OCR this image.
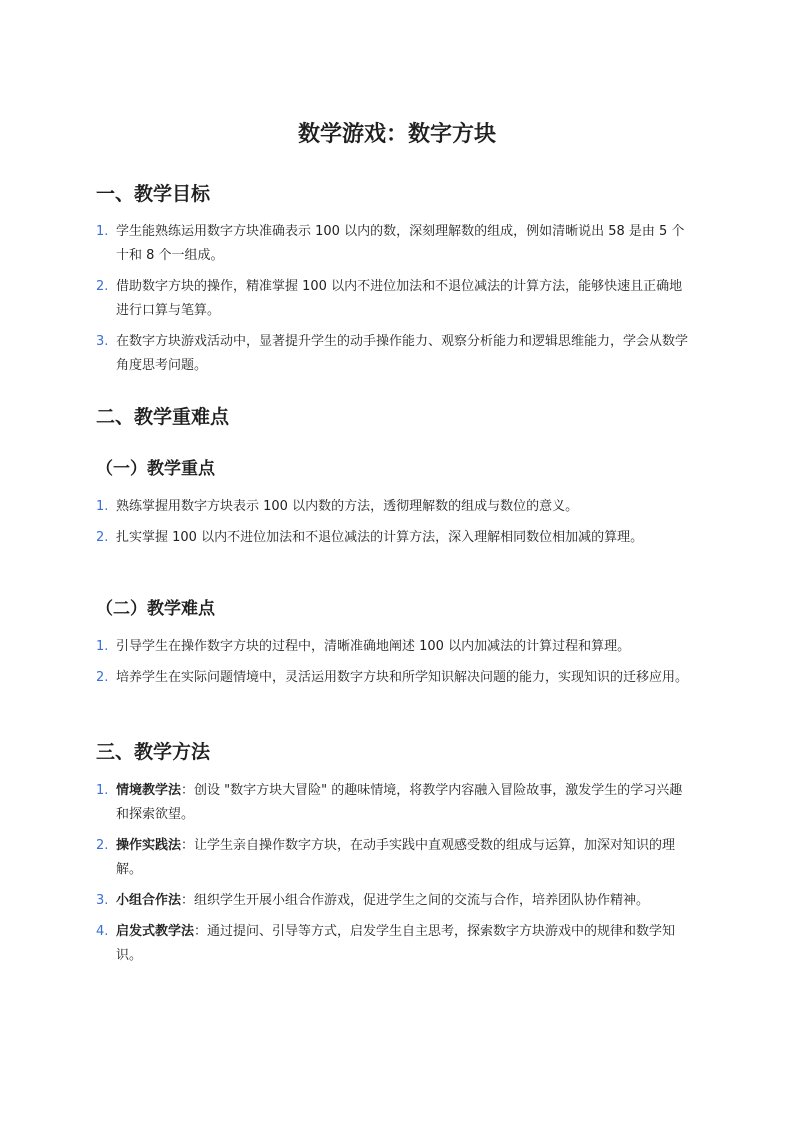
数学游戏：数字方块
一、教学目标
1. 学生能熟练运用数字方块准确表示 100 以内的数，深刻理解数的组成，例如清晰说出 58 是由 5 个十和 8 个一组成。
2. 借助数字方块的操作，精准掌握 100 以内不进位加法和不退位减法的计算方法，能够快速且正确地进行口算与笔算。
3. 在数字方块游戏活动中，显著提升学生的动手操作能力、观察分析能力和逻辑思维能力，学会从数学角度思考问题。
二、教学重难点
（一）教学重点
1. 熟练掌握用数字方块表示 100 以内数的方法，透彻理解数的组成与数位的意义。
2. 扎实掌握 100 以内不进位加法和不退位减法的计算方法，深入理解相同数位相加减的算理。
（二）教学难点
1. 引导学生在操作数字方块的过程中，清晰准确地阐述 100 以内加减法的计算过程和算理。
2. 培养学生在实际问题情境中，灵活运用数字方块和所学知识解决问题的能力，实现知识的迁移应用。
三、教学方法
1. 情境教学法：创设 "数字方块大冒险" 的趣味情境，将教学内容融入冒险故事，激发学生的学习兴趣和探索欲望。
2. 操作实践法：让学生亲自操作数字方块，在动手实践中直观感受数的组成与运算，加深对知识的理解。
3. 小组合作法：组织学生开展小组合作游戏，促进学生之间的交流与合作，培养团队协作精神。
4. 启发式教学法：通过提问、引导等方式，启发学生自主思考，探索数字方块游戏中的规律和数学知识。
